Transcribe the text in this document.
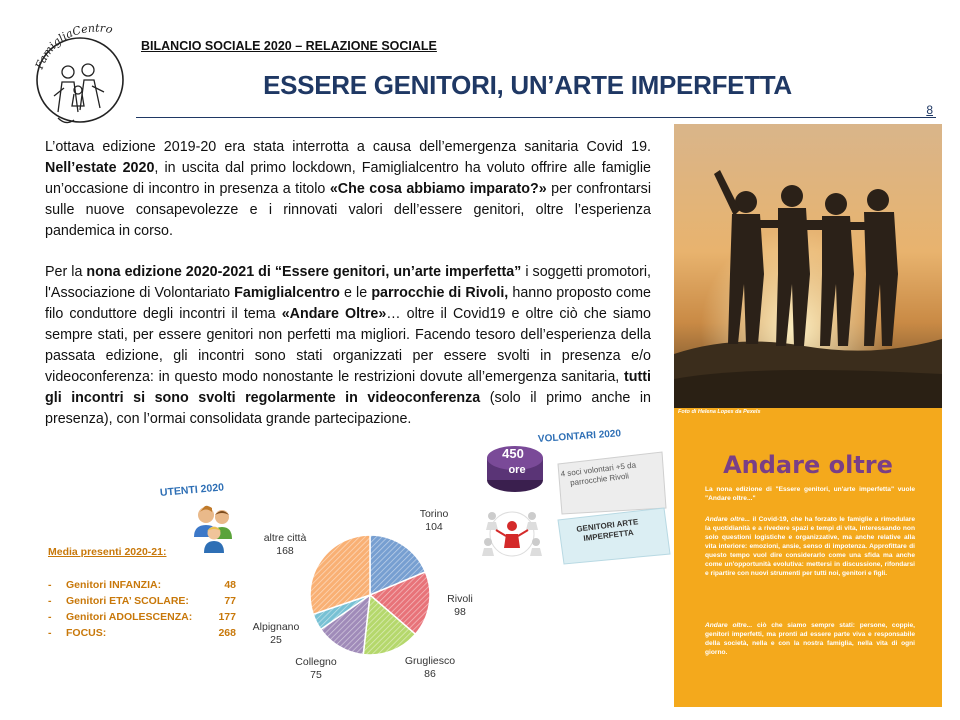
FamigliaCentro
BILANCIO SOCIALE 2020 – RELAZIONE SOCIALE
ESSERE GENITORI, UN’ARTE IMPERFETTA
8

L’ottava edizione 2019-20 era stata interrotta a causa dell’emergenza sanitaria Covid 19. Nell’estate 2020, in uscita dal primo lockdown, Famiglialcentro ha voluto offrire alle famiglie un’occasione di incontro in presenza a titolo «Che cosa abbiamo imparato?» per confrontarsi sulle nuove consapevolezze e i rinnovati valori dell’essere genitori, oltre l’esperienza pandemica in corso.

Per la nona edizione 2020-2021 di “Essere genitori, un’arte imperfetta” i soggetti promotori, l'Associazione di Volontariato Famiglialcentro e le parrocchie di Rivoli, hanno proposto come filo conduttore degli incontri il tema «Andare Oltre»… oltre il Covid19 e oltre ciò che siamo sempre stati, per essere genitori non perfetti ma migliori. Facendo tesoro dell’esperienza della passata edizione, gli incontri sono stati organizzati per essere svolti in presenza e/o videoconferenza: in questo modo nonostante le restrizioni dovute all’emergenza sanitaria, tutti gli incontri si sono svolti regolarmente in videoconferenza (solo il primo anche in presenza), con l’ormai consolidata grande partecipazione.	Foto di Helena Lopes da Pexels
Andare oltre

La nona edizione di "Essere genitori, un'arte imperfetta" vuole "Andare oltre..."

Andare oltre... il Covid-19, che ha forzato le famiglie a rimodulare la quotidianità e a rivedere spazi e tempi di vita, interessando non solo questioni logistiche e organizzative, ma anche relative alla vita interiore: emozioni, ansie, senso di impotenza. Approfittare di questo tempo vuol dire considerarlo come una sfida ma anche come un'opportunità evolutiva: mettersi in discussione, rifondarsi e ripartire con nuovi strumenti per tutti noi, genitori e figli.

Andare oltre... ciò che siamo sempre stati: persone, coppie, genitori imperfetti, ma pronti ad essere parte viva e responsabile della società, nella e con la nostra famiglia, nella vita di ogni giorno.

UTENTI 2020
Media presenti 2020-21:
-	Genitori INFANZIA:	48
-	Genitori ETA’ SCOLARE:	77
-	Genitori ADOLESCENZA:	177
-	FOCUS:	268
Torino
104
Rivoli
98
Grugliesco
86
Collegno
75
Alpignano
25
altre città
168
450
ore
VOLONTARI 2020
4 soci volontari +5 da parrocchie Rivoli
GENITORI ARTE IMPERFETTA
